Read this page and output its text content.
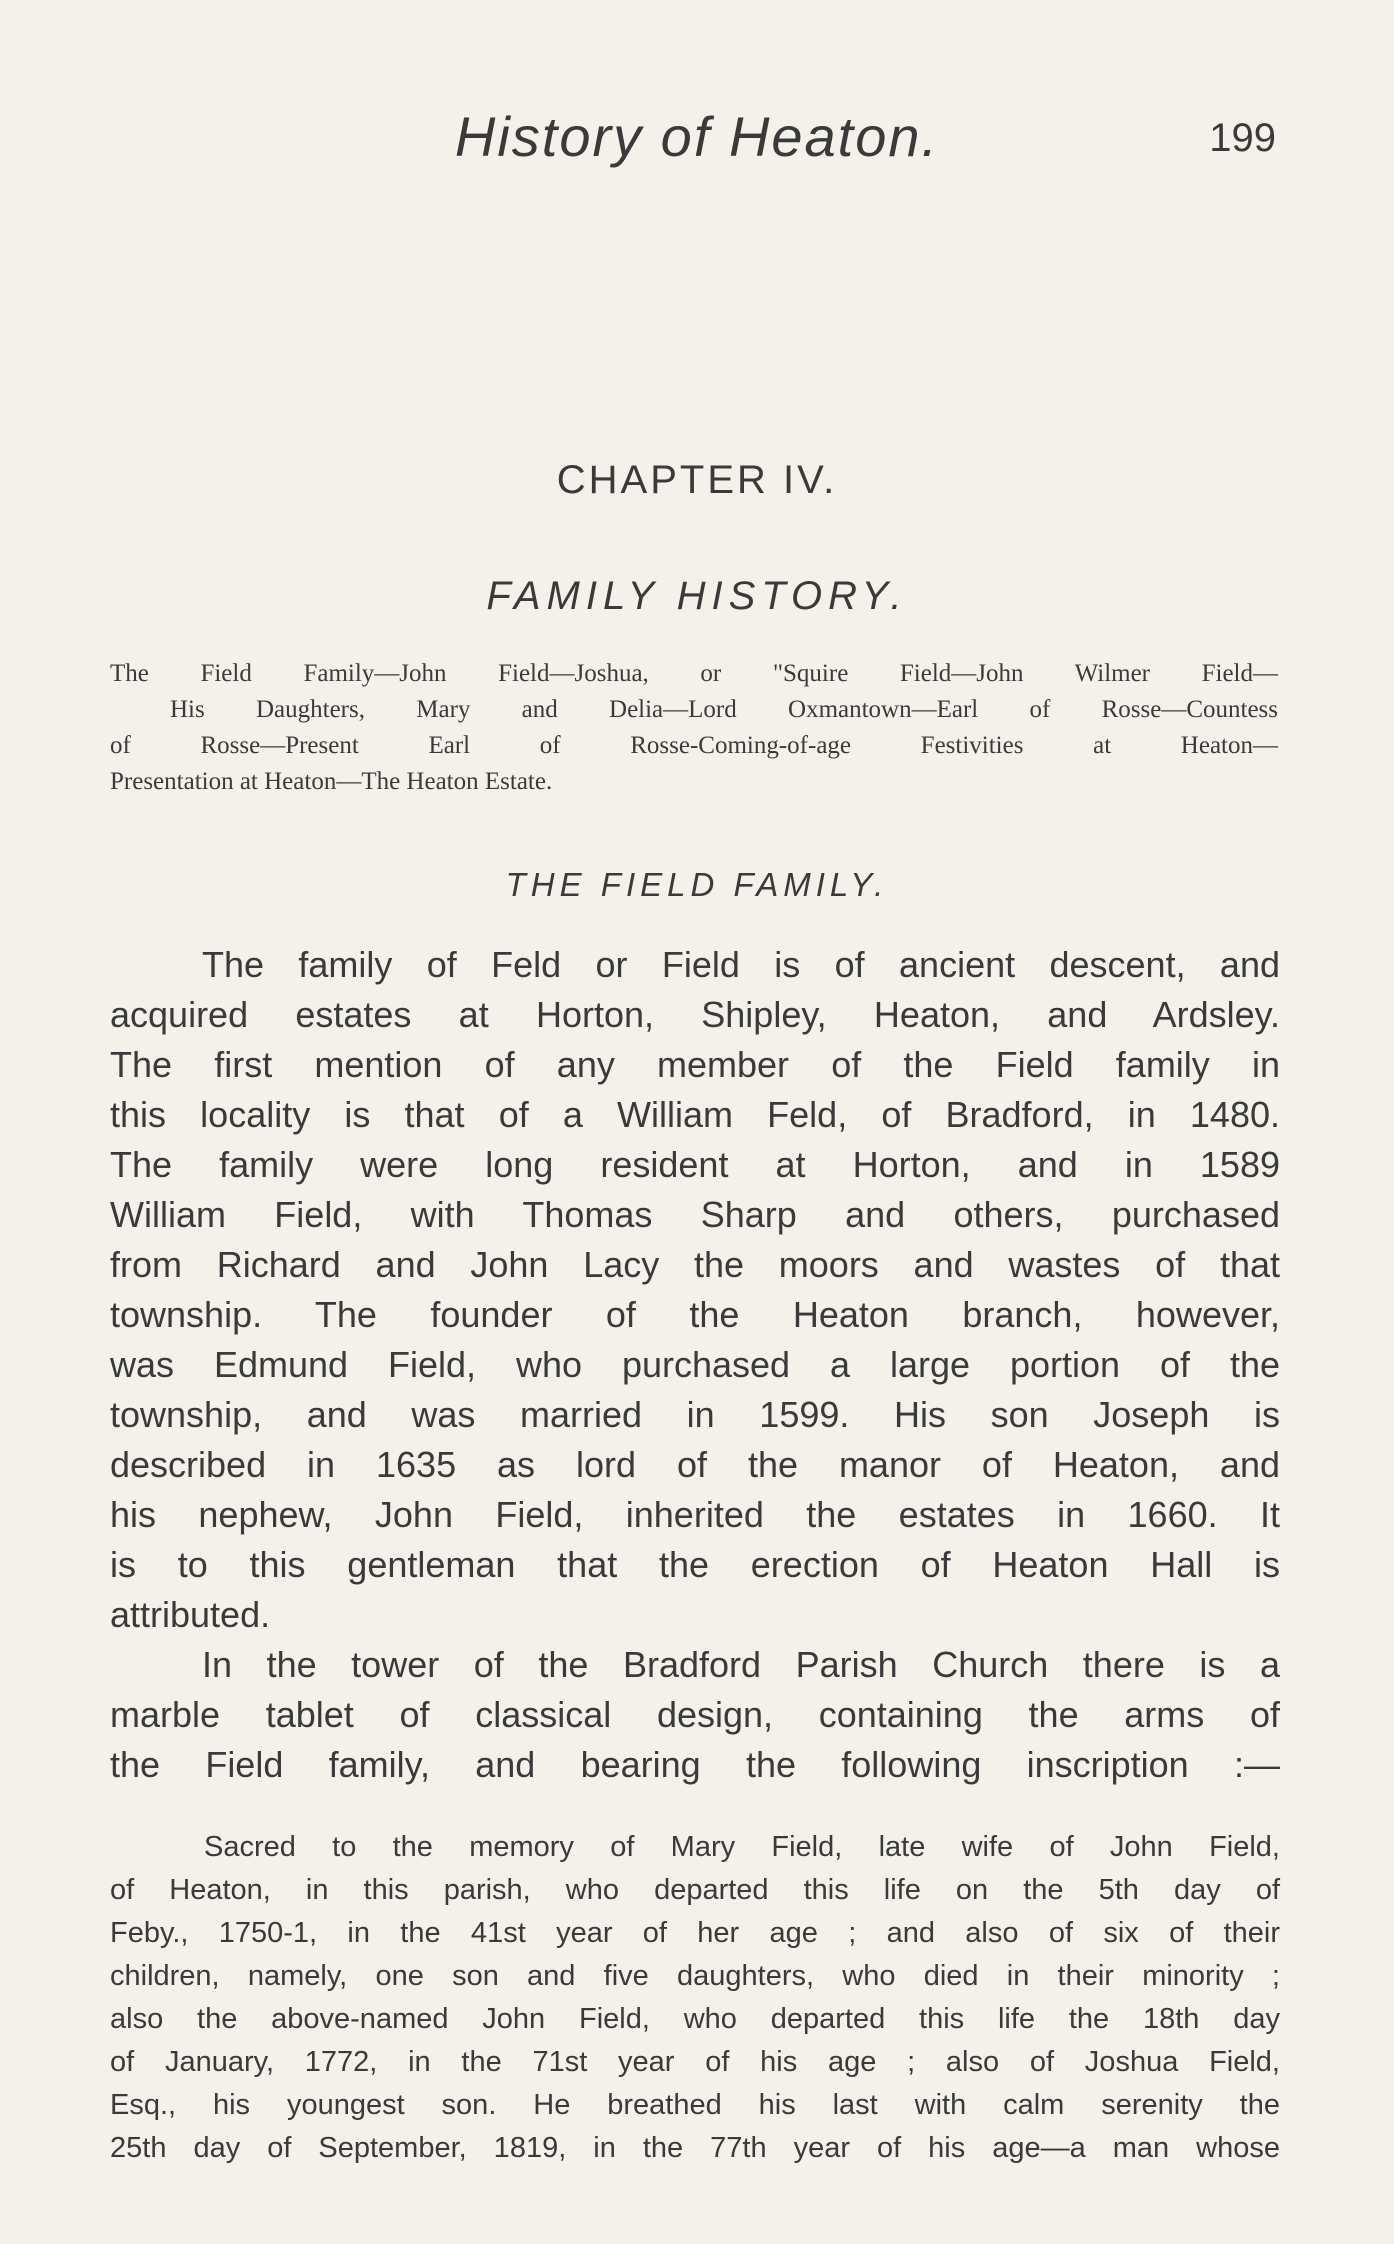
History of Heaton.	199
CHAPTER IV.
FAMILY HISTORY.
The Field Family—John Field—Joshua, or "Squire Field—John Wilmer Field—
His Daughters, Mary and Delia—Lord Oxmantown—Earl of Rosse—Countess
of Rosse—Present Earl of Rosse-Coming-of-age Festivities at Heaton—
Presentation at Heaton—The Heaton Estate.
THE FIELD FAMILY.
The family of Feld or Field is of ancient descent, and
acquired estates at Horton, Shipley, Heaton, and Ardsley.
The first mention of any member of the Field family in
this locality is that of a William Feld, of Bradford, in 1480.
The family were long resident at Horton, and in 1589
William Field, with Thomas Sharp and others, purchased
from Richard and John Lacy the moors and wastes of that
township. The founder of the Heaton branch, however,
was Edmund Field, who purchased a large portion of the
township, and was married in 1599. His son Joseph is
described in 1635 as lord of the manor of Heaton, and
his nephew, John Field, inherited the estates in 1660. It
is to this gentleman that the erection of Heaton Hall is
attributed.
In the tower of the Bradford Parish Church there is a
marble tablet of classical design, containing the arms of
the Field family, and bearing the following inscription :—
Sacred to the memory of Mary Field, late wife of John Field,
of Heaton, in this parish, who departed this life on the 5th day of
Feby., 1750-1, in the 41st year of her age ; and also of six of their
children, namely, one son and five daughters, who died in their minority ;
also the above-named John Field, who departed this life the 18th day
of January, 1772, in the 71st year of his age ; also of Joshua Field,
Esq., his youngest son. He breathed his last with calm serenity the
25th day of September, 1819, in the 77th year of his age—a man whose
